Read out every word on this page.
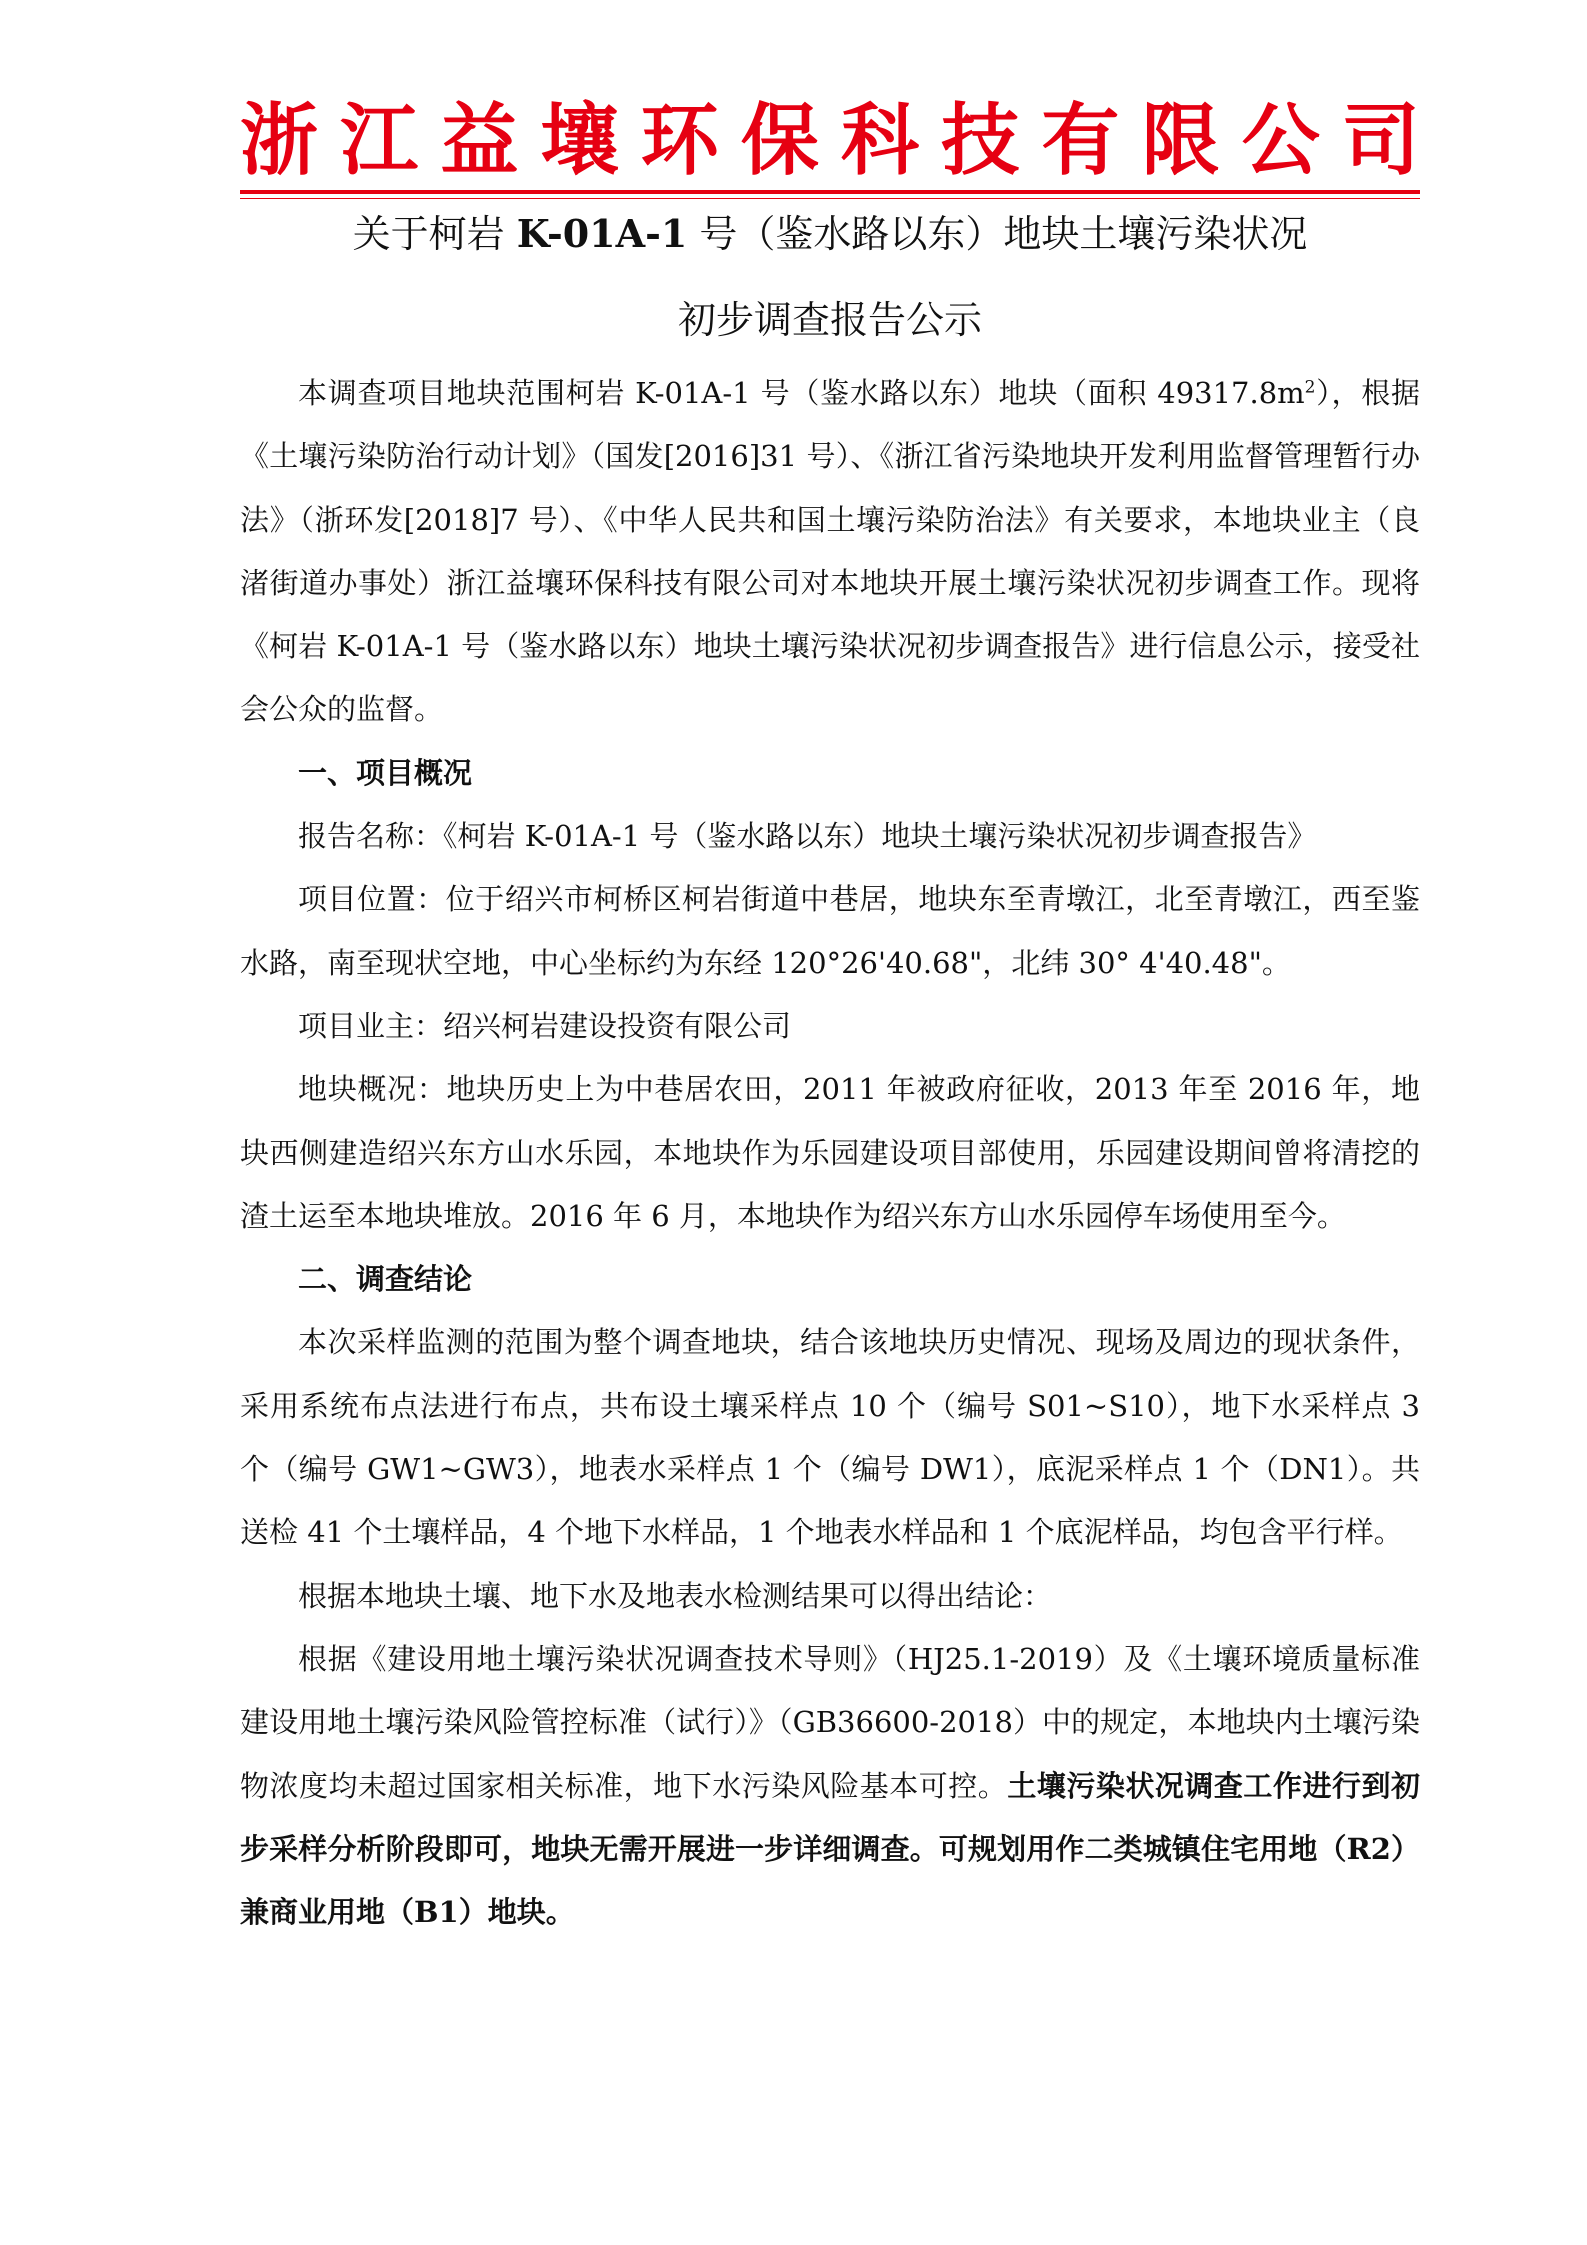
浙 江 益 壤 环 保 科 技 有 限 公 司
关于柯岩 K-01A-1 号（鉴水路以东）地块土壤污染状况
初步调查报告公示

本调查项目地块范围柯岩 K-01A-1 号（鉴水路以东）地块（面积 $49317.8m^2$），根据《土壤污染防治行动计划》（国发[2016]31 号）、《浙江省污染地块开发利用监督管理暂行办法》（浙环发[2018]7 号）、《中华人民共和国土壤污染防治法》有关要求，本地块业主（良渚街道办事处）浙江益壤环保科技有限公司对本地块开展土壤污染状况初步调查工作。现将《柯岩 K-01A-1 号（鉴水路以东）地块土壤污染状况初步调查报告》进行信息公示，接受社会公众的监督。

一、项目概况

报告名称：《柯岩 K-01A-1 号（鉴水路以东）地块土壤污染状况初步调查报告》

项目位置：位于绍兴市柯桥区柯岩街道中巷居，地块东至青墩江，北至青墩江，西至鉴水路，南至现状空地，中心坐标约为东经 120°26'40.68"，北纬 30° 4'40.48"。

项目业主：绍兴柯岩建设投资有限公司

地块概况：地块历史上为中巷居农田，2011 年被政府征收，2013 年至 2016 年，地块西侧建造绍兴东方山水乐园，本地块作为乐园建设项目部使用，乐园建设期间曾将清挖的渣土运至本地块堆放。2016 年 6 月，本地块作为绍兴东方山水乐园停车场使用至今。

二、调查结论

本次采样监测的范围为整个调查地块，结合该地块历史情况、现场及周边的现状条件，采用系统布点法进行布点，共布设土壤采样点 10 个（编号 S01~S10），地下水采样点 3 个（编号 GW1~GW3），地表水采样点 1 个（编号 DW1），底泥采样点 1 个（DN1）。共送检 41 个土壤样品，4 个地下水样品，1 个地表水样品和 1 个底泥样品，均包含平行样。

根据本地块土壤、地下水及地表水检测结果可以得出结论：

根据《建设用地土壤污染状况调查技术导则》（HJ25.1-2019）及《土壤环境质量标准 建设用地土壤污染风险管控标准（试行）》（GB36600-2018）中的规定，本地块内土壤污染物浓度均未超过国家相关标准，地下水污染风险基本可控。土壤污染状况调查工作进行到初步采样分析阶段即可，地块无需开展进一步详细调查。可规划用作二类城镇住宅用地（R2）兼商业用地（B1）地块。
